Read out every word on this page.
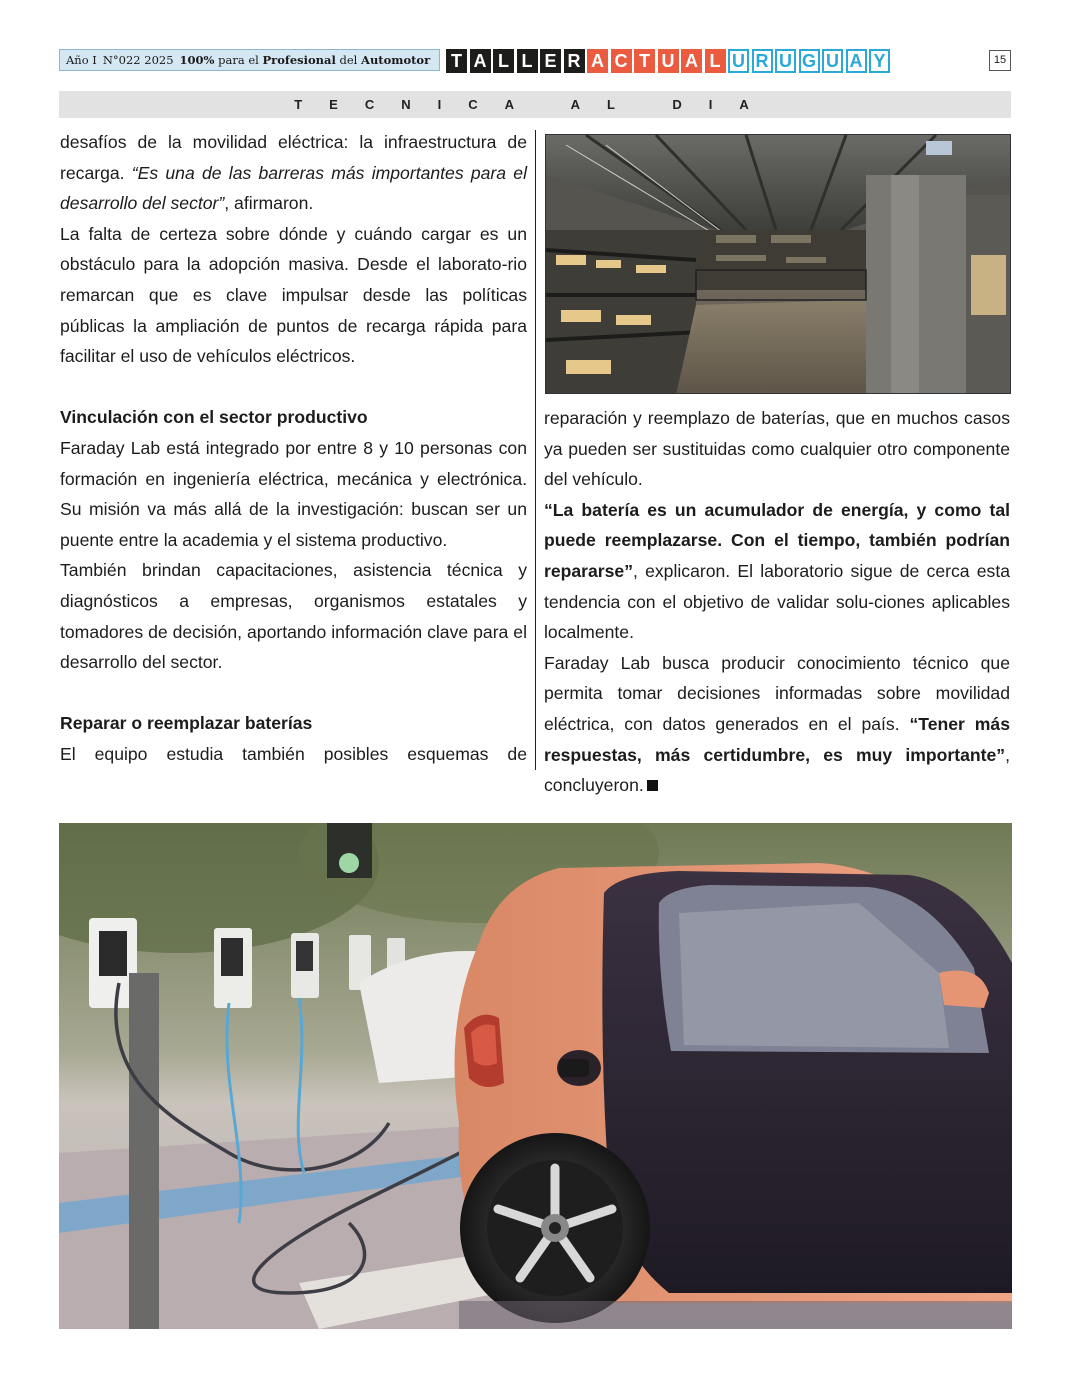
Año I N°022 2025 100% para el Profesional del Automotor	T A L L E R A C T U A L U R U G U A Y	15
TECNICA AL DIA

desafíos de la movilidad eléctrica: la infraestructura de recarga. “Es una de las barreras más importantes para el desarrollo del sector”, afirmaron.

La falta de certeza sobre dónde y cuándo cargar es un obstáculo para la adopción masiva. Desde el laborato-rio remarcan que es clave impulsar desde las políticas públicas la ampliación de puntos de recarga rápida para facilitar el uso de vehículos eléctricos.

Vinculación con el sector productivo

Faraday Lab está integrado por entre 8 y 10 personas con formación en ingeniería eléctrica, mecánica y electrónica. Su misión va más allá de la investigación: buscan ser un puente entre la academia y el sistema productivo.

También brindan capacitaciones, asistencia técnica y diagnósticos a empresas, organismos estatales y tomadores de decisión, aportando información clave para el desarrollo del sector.

Reparar o reemplazar baterías

El equipo estudia también posibles esquemas de

reparación y reemplazo de baterías, que en muchos casos ya pueden ser sustituidas como cualquier otro componente del vehículo.

“La batería es un acumulador de energía, y como tal puede reemplazarse. Con el tiempo, también podrían repararse”, explicaron. El laboratorio sigue de cerca esta tendencia con el objetivo de validar solu-ciones aplicables localmente.

Faraday Lab busca producir conocimiento técnico que permita tomar decisiones informadas sobre movilidad eléctrica, con datos generados en el país. “Tener más respuestas, más certidumbre, es muy importante”, concluyeron.
